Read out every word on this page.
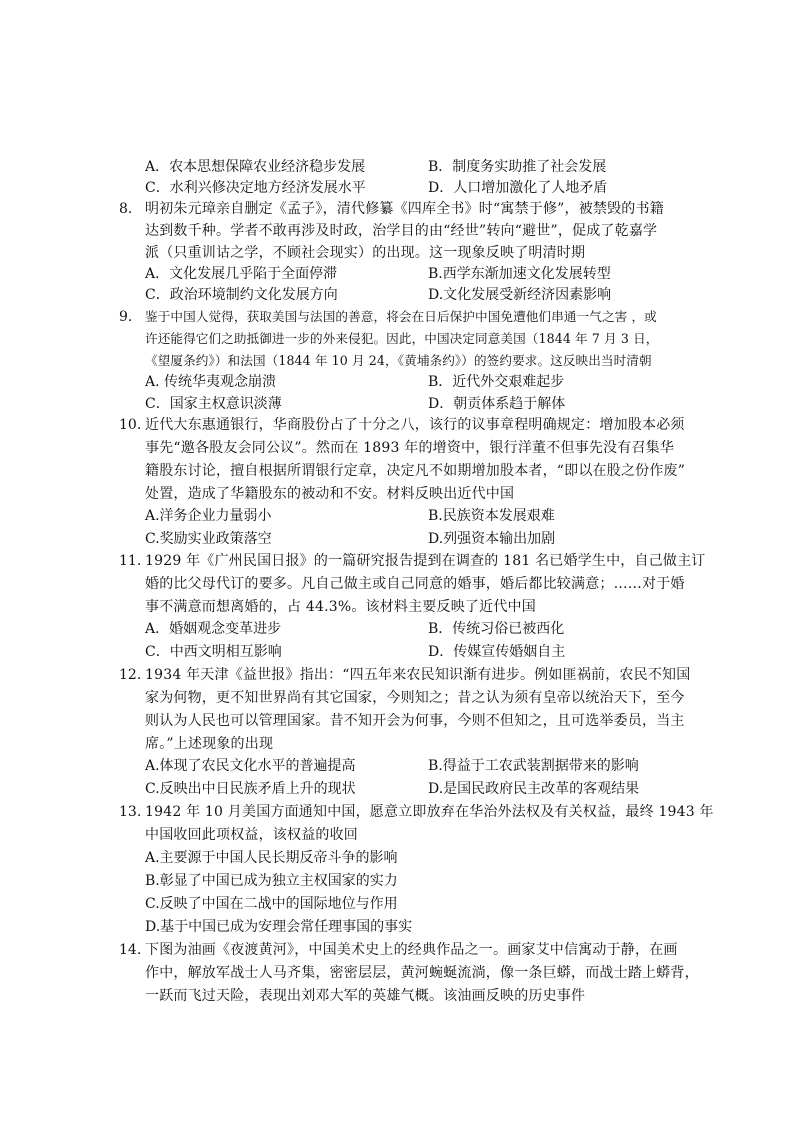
A．农本思想保障农业经济稳步发展	B．制度务实助推了社会发展
C．水利兴修决定地方经济发展水平	D．人口增加激化了人地矛盾
8. 明初朱元璋亲自删定《孟子》，清代修纂《四库全书》时“寓禁于修”，被禁毁的书籍
达到数千种。学者不敢再涉及时政，治学目的由“经世”转向“避世”，促成了乾嘉学
派（只重训诂之学，不顾社会现实）的出现。这一现象反映了明清时期
A．文化发展几乎陷于全面停滞	B.西学东渐加速文化发展转型
C．政治环境制约文化发展方向	D.文化发展受新经济因素影响
9. 鉴于中国人觉得，获取美国与法国的善意，将会在日后保护中国免遭他们串通一气之害 ，或
许还能得它们之助抵御进一步的外来侵犯。因此，中国决定同意美国（1844 年 7 月 3 日，
《望厦条约》）和法国（1844 年 10 月 24，《黄埔条约》）的签约要求。这反映出当时清朝
A. 传统华夷观念崩溃	B．近代外交艰难起步
C．国家主权意识淡薄	D．朝贡体系趋于解体
10. 近代大东惠通银行，华商股份占了十分之八，该行的议事章程明确规定：增加股本必须
事先“邀各股友会同公议”。然而在 1893 年的增资中，银行洋董不但事先没有召集华
籍股东讨论，擅自根据所谓银行定章，决定凡不如期增加股本者，“即以在股之份作废”
处置，造成了华籍股东的被动和不安。材料反映出近代中国
A.洋务企业力量弱小	B.民族资本发展艰难
C.奖励实业政策落空	D.列强资本输出加剧
11. 1929 年《广州民国日报》的一篇研究报告提到在调查的 181 名已婚学生中，自己做主订
婚的比父母代订的要多。凡自己做主或自己同意的婚事，婚后都比较满意；……对于婚
事不满意而想离婚的，占 44.3%。该材料主要反映了近代中国
A．婚姻观念变革进步	B．传统习俗已被西化
C．中西文明相互影响	D．传媒宣传婚姻自主
12. 1934 年天津《益世报》指出：“四五年来农民知识渐有进步。例如匪祸前，农民不知国
家为何物，更不知世界尚有其它国家，今则知之；昔之认为须有皇帝以统治天下，至今
则认为人民也可以管理国家。昔不知开会为何事，今则不但知之，且可选举委员，当主
席。”上述现象的出现
A.体现了农民文化水平的普遍提高	B.得益于工农武装割据带来的影响
C.反映出中日民族矛盾上升的现状	D.是国民政府民主改革的客观结果
13. 1942 年 10 月美国方面通知中国，愿意立即放弃在华治外法权及有关权益，最终 1943 年
中国收回此项权益，该权益的收回
A.主要源于中国人民长期反帝斗争的影响
B.彰显了中国已成为独立主权国家的实力
C.反映了中国在二战中的国际地位与作用
D.基于中国已成为安理会常任理事国的事实
14. 下图为油画《夜渡黄河》，中国美术史上的经典作品之一。画家艾中信寓动于静，在画
作中，解放军战士人马齐集，密密层层，黄河蜿蜒流淌，像一条巨蟒，而战士踏上蟒背，
一跃而飞过天险，表现出刘邓大军的英雄气概。该油画反映的历史事件
